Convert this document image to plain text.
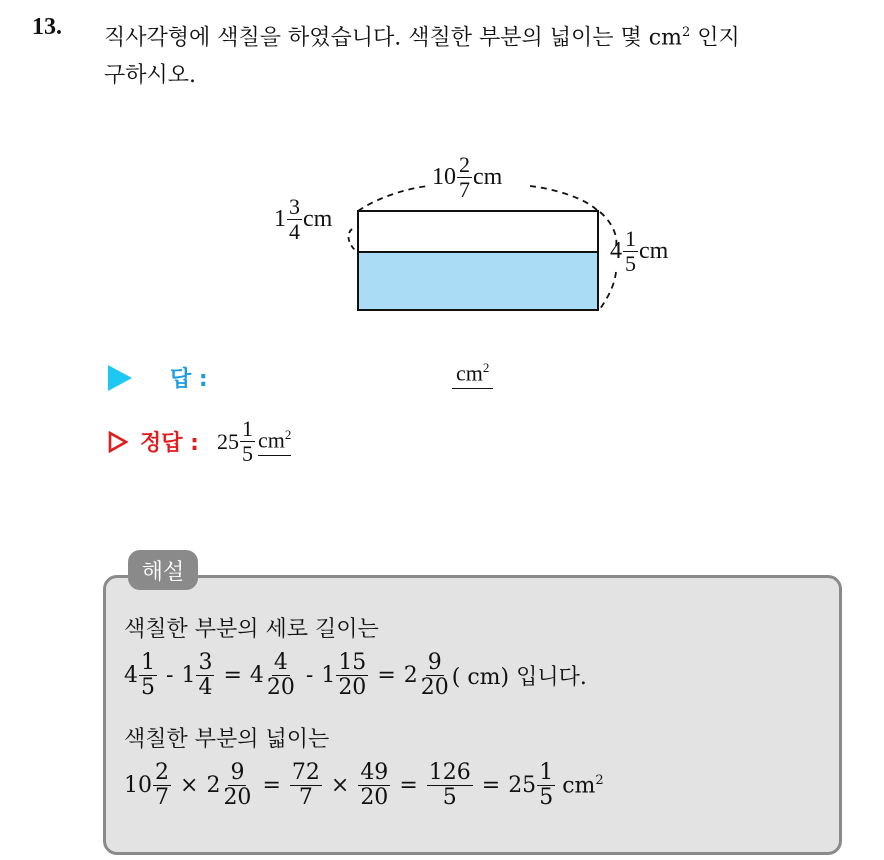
13. 직사각형에 색칠을 하였습니다. 색칠한 부분의 넓이는 몇 $cm^2$ 인지
구하시오.
$10 \frac{2}{7}$ cm
$1 \frac{3}{4}$ cm
$4 \frac{1}{5}$ cm
답 :	$cm^2$
정답 : $25 \frac{1}{5} cm^2$
해설
색칠한 부분의 세로 길이는
$4 \frac{1}{5} - 1 \frac{3}{4} = 4 \frac{4}{20} - 1 \frac{15}{20} = 2 \frac{9}{20}$ ( cm) 입니다.
색칠한 부분의 넓이는
$10 \frac{2}{7} \times 2 \frac{9}{20} = \frac{72}{7} \times \frac{49}{20} = \frac{126}{5} = 25 \frac{1}{5} cm^2$
